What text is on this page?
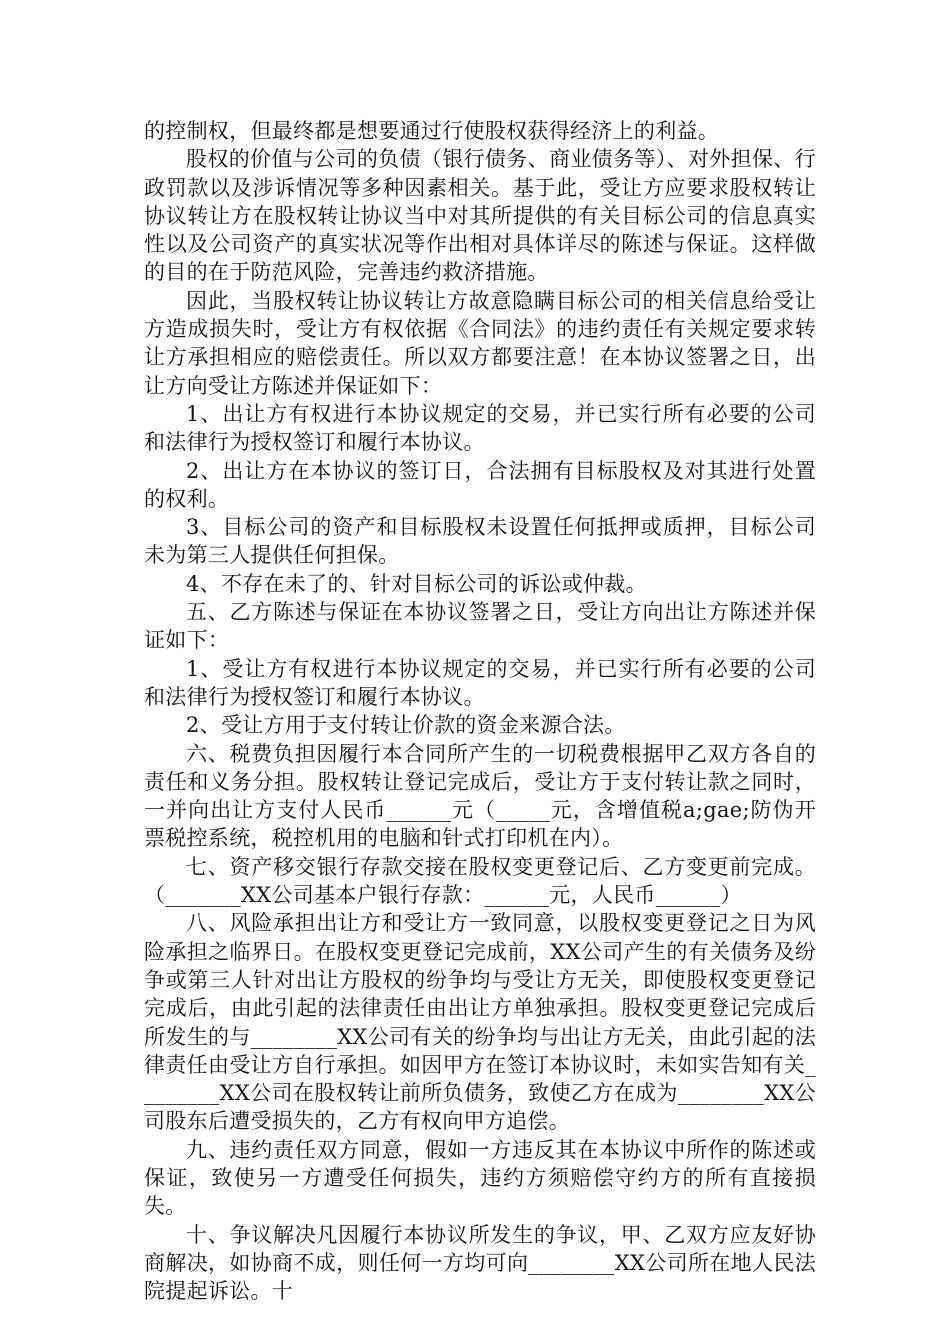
的控制权，但最终都是想要通过行使股权获得经济上的利益。

股权的价值与公司的负债（银行债务、商业债务等）、对外担保、行政罚款以及涉诉情况等多种因素相关。基于此，受让方应要求股权转让协议转让方在股权转让协议当中对其所提供的有关目标公司的信息真实性以及公司资产的真实状况等作出相对具体详尽的陈述与保证。这样做的目的在于防范风险，完善违约救济措施。

因此，当股权转让协议转让方故意隐瞒目标公司的相关信息给受让方造成损失时，受让方有权依据《合同法》的违约责任有关规定要求转让方承担相应的赔偿责任。所以双方都要注意！在本协议签署之日，出让方向受让方陈述并保证如下：

1、出让方有权进行本协议规定的交易，并已实行所有必要的公司和法律行为授权签订和履行本协议。

2、出让方在本协议的签订日，合法拥有目标股权及对其进行处置的权利。

3、目标公司的资产和目标股权未设置任何抵押或质押，目标公司未为第三人提供任何担保。

4、不存在未了的、针对目标公司的诉讼或仲裁。

五、乙方陈述与保证在本协议签署之日，受让方向出让方陈述并保证如下：

1、受让方有权进行本协议规定的交易，并已实行所有必要的公司和法律行为授权签订和履行本协议。

2、受让方用于支付转让价款的资金来源合法。

六、税费负担因履行本合同所产生的一切税费根据甲乙双方各自的责任和义务分担。股权转让登记完成后，受让方于支付转让款之同时，一并向出让方支付人民币______元（_____元，含增值税a;gae;防伪开票税控系统，税控机用的电脑和针式打印机在内）。

七、资产移交银行存款交接在股权变更登记后、乙方变更前完成。（_______XX公司基本户银行存款：______元，人民币______）

八、风险承担出让方和受让方一致同意，以股权变更登记之日为风险承担之临界日。在股权变更登记完成前，XX公司产生的有关债务及纷争或第三人针对出让方股权的纷争均与受让方无关，即使股权变更登记完成后，由此引起的法律责任由出让方单独承担。股权变更登记完成后所发生的与________XX公司有关的纷争均与出让方无关，由此引起的法律责任由受让方自行承担。如因甲方在签订本协议时，未如实告知有关________XX公司在股权转让前所负债务，致使乙方在成为________XX公司股东后遭受损失的，乙方有权向甲方追偿。

九、违约责任双方同意，假如一方违反其在本协议中所作的陈述或保证，致使另一方遭受任何损失，违约方须赔偿守约方的所有直接损失。

十、争议解决凡因履行本协议所发生的争议，甲、乙双方应友好协商解决，如协商不成，则任何一方均可向________XX公司所在地人民法院提起诉讼。十
